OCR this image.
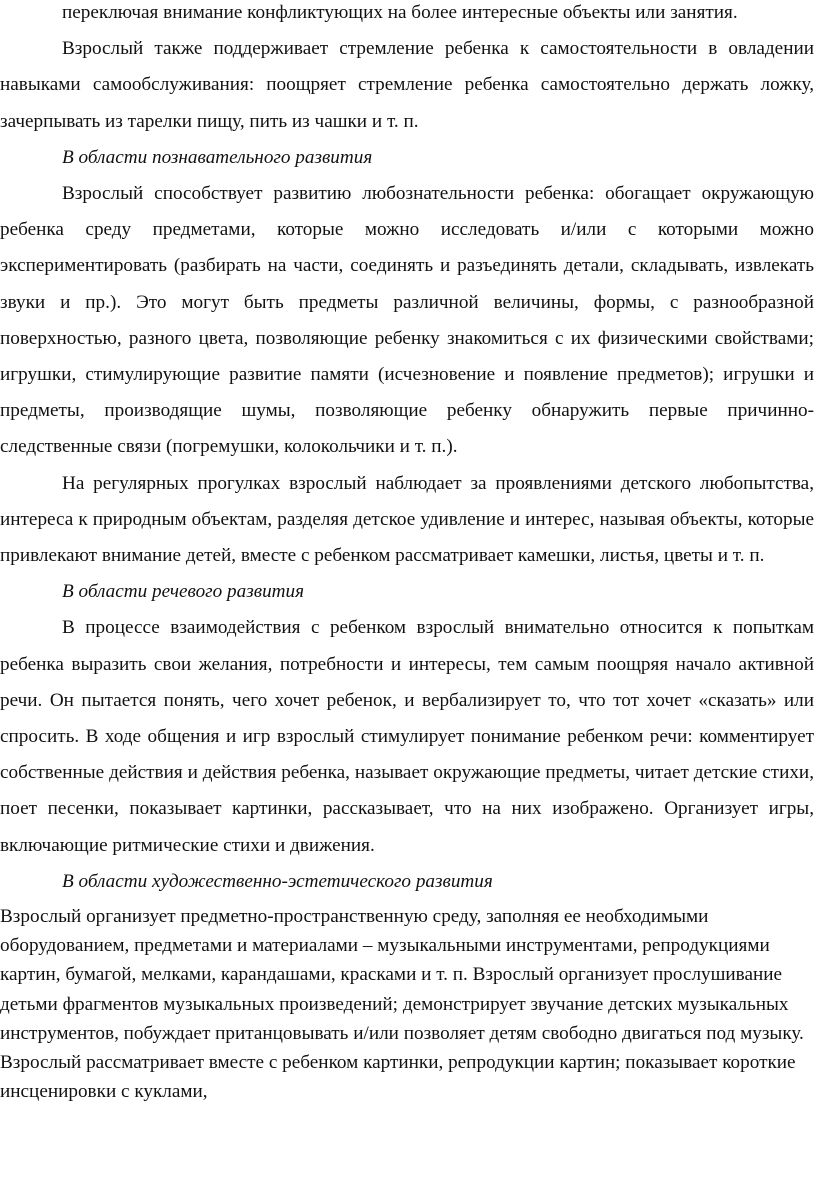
переключая внимание конфликтующих на более интересные объекты или занятия.

Взрослый также поддерживает стремление ребенка к самостоятельности в овладении навыками самообслуживания: поощряет стремление ребенка самостоятельно держать ложку, зачерпывать из тарелки пищу, пить из чашки и т. п.

В области познавательного развития

Взрослый способствует развитию любознательности ребенка: обогащает окружающую ребенка среду предметами, которые можно исследовать и/или с которыми можно экспериментировать (разбирать на части, соединять и разъединять детали, складывать, извлекать звуки и пр.). Это могут быть предметы различной величины, формы, с разнообразной поверхностью, разного цвета, позволяющие ребенку знакомиться с их физическими свойствами; игрушки, стимулирующие развитие памяти (исчезновение и появление предметов); игрушки и предметы, производящие шумы, позволяющие ребенку обнаружить первые причинно-следственные связи (погремушки, колокольчики и т. п.).

На регулярных прогулках взрослый наблюдает за проявлениями детского любопытства, интереса к природным объектам, разделяя детское удивление и интерес, называя объекты, которые привлекают внимание детей, вместе с ребенком рассматривает камешки, листья, цветы и т. п.

В области речевого развития

В процессе взаимодействия с ребенком взрослый внимательно относится к попыткам ребенка выразить свои желания, потребности и интересы, тем самым поощряя начало активной речи. Он пытается понять, чего хочет ребенок, и вербализирует то, что тот хочет «сказать» или спросить. В ходе общения и игр взрослый стимулирует понимание ребенком речи: комментирует собственные действия и действия ребенка, называет окружающие предметы, читает детские стихи, поет песенки, показывает картинки, рассказывает, что на них изображено. Организует игры, включающие ритмические стихи и движения.

В области художественно-эстетического развития

Взрослый организует предметно-пространственную среду, заполняя ее необходимыми оборудованием, предметами и материалами – музыкальными инструментами, репродукциями картин, бумагой, мелками, карандашами, красками и т. п. Взрослый организует прослушивание детьми фрагментов музыкальных произведений; демонстрирует звучание детских музыкальных инструментов, побуждает пританцовывать и/или позволяет детям свободно двигаться под музыку. Взрослый рассматривает вместе с ребенком картинки, репродукции картин; показывает короткие инсценировки с куклами,
